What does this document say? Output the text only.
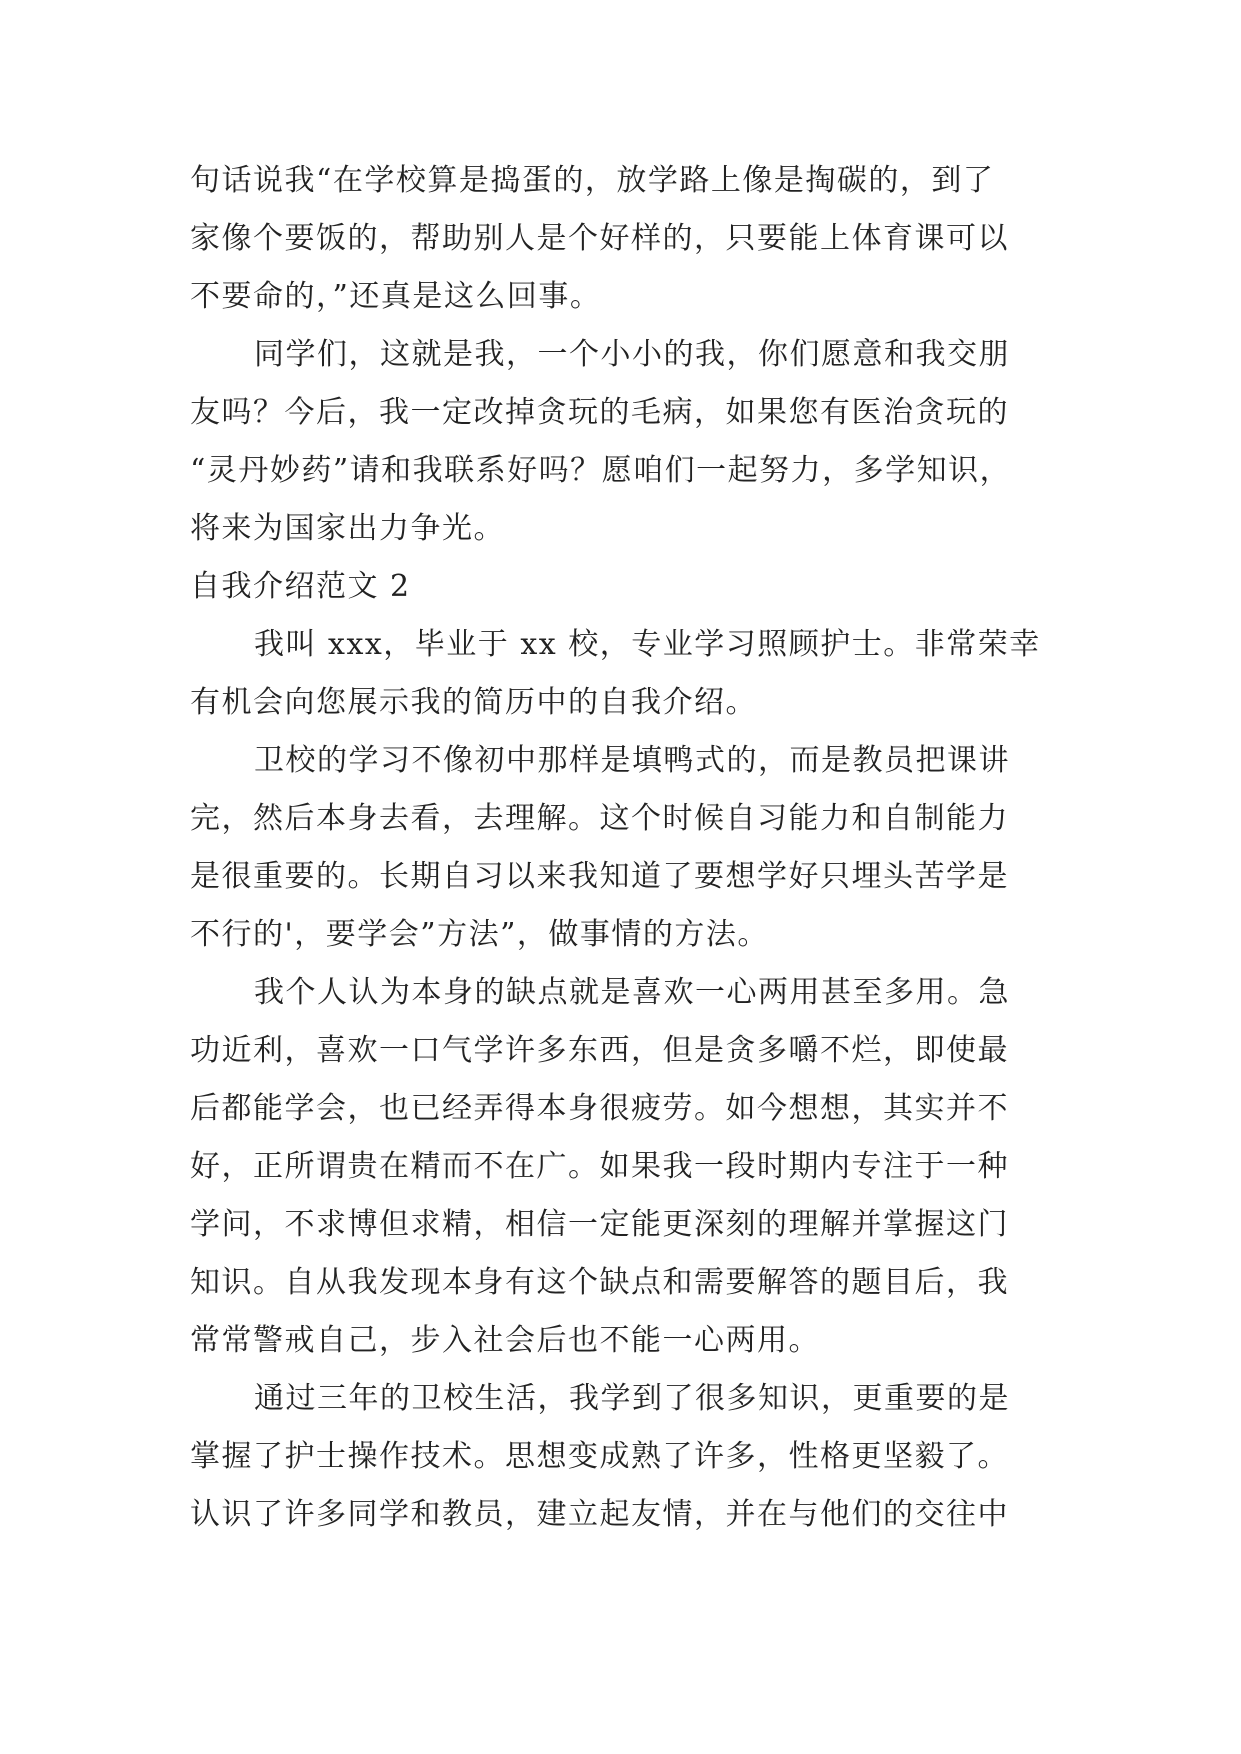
句话说我“在学校算是捣蛋的，放学路上像是掏碳的，到了
家像个要饭的，帮助别人是个好样的，只要能上体育课可以
不要命的，”还真是这么回事。
同学们，这就是我，一个小小的我，你们愿意和我交朋
友吗？今后，我一定改掉贪玩的毛病，如果您有医治贪玩的
“灵丹妙药”请和我联系好吗？愿咱们一起努力，多学知识，
将来为国家出力争光。
自我介绍范文 2
我叫 xxx，毕业于 xx 校，专业学习照顾护士。非常荣幸
有机会向您展示我的简历中的自我介绍。
卫校的学习不像初中那样是填鸭式的，而是教员把课讲
完，然后本身去看，去理解。这个时候自习能力和自制能力
是很重要的。长期自习以来我知道了要想学好只埋头苦学是
不行的'，要学会”方法”，做事情的方法。
我个人认为本身的缺点就是喜欢一心两用甚至多用。急
功近利，喜欢一口气学许多东西，但是贪多嚼不烂，即使最
后都能学会，也已经弄得本身很疲劳。如今想想，其实并不
好，正所谓贵在精而不在广。如果我一段时期内专注于一种
学问，不求博但求精，相信一定能更深刻的理解并掌握这门
知识。自从我发现本身有这个缺点和需要解答的题目后，我
常常警戒自己，步入社会后也不能一心两用。
通过三年的卫校生活，我学到了很多知识，更重要的是
掌握了护士操作技术。思想变成熟了许多，性格更坚毅了。
认识了许多同学和教员，建立起友情，并在与他们的交往中
